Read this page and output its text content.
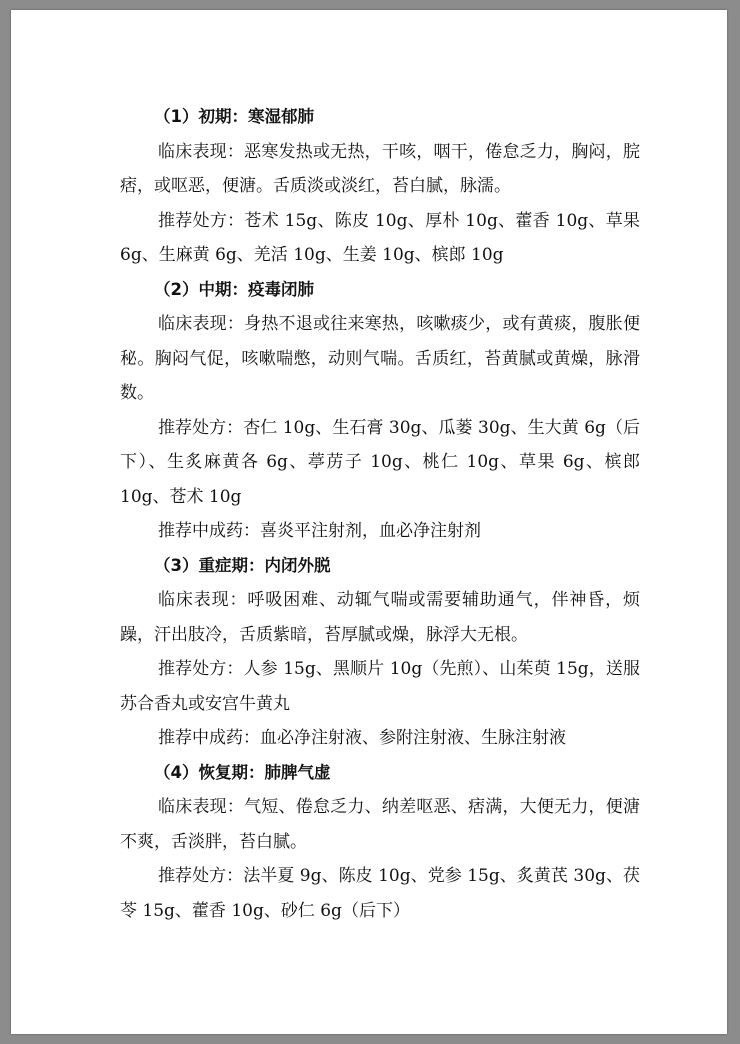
（1）初期：寒湿郁肺
临床表现：恶寒发热或无热，干咳，咽干，倦怠乏力，胸闷，脘痞，或呕恶，便溏。舌质淡或淡红，苔白腻，脉濡。
推荐处方：苍术 15g、陈皮 10g、厚朴 10g、藿香 10g、草果 6g、生麻黄 6g、羌活 10g、生姜 10g、槟郎 10g
（2）中期：疫毒闭肺
临床表现：身热不退或往来寒热，咳嗽痰少，或有黄痰，腹胀便秘。胸闷气促，咳嗽喘憋，动则气喘。舌质红，苔黄腻或黄燥，脉滑数。
推荐处方：杏仁 10g、生石膏 30g、瓜蒌 30g、生大黄 6g（后下）、生炙麻黄各 6g、葶苈子 10g、桃仁 10g、草果 6g、槟郎 10g、苍术 10g
推荐中成药：喜炎平注射剂，血必净注射剂
（3）重症期：内闭外脱
临床表现：呼吸困难、动辄气喘或需要辅助通气，伴神昏，烦躁，汗出肢冷，舌质紫暗，苔厚腻或燥，脉浮大无根。
推荐处方：人参 15g、黑顺片 10g（先煎）、山茱萸 15g，送服苏合香丸或安宫牛黄丸
推荐中成药：血必净注射液、参附注射液、生脉注射液
（4）恢复期：肺脾气虚
临床表现：气短、倦怠乏力、纳差呕恶、痞满，大便无力，便溏不爽，舌淡胖，苔白腻。
推荐处方：法半夏 9g、陈皮 10g、党参 15g、炙黄芪 30g、茯苓 15g、藿香 10g、砂仁 6g（后下）
